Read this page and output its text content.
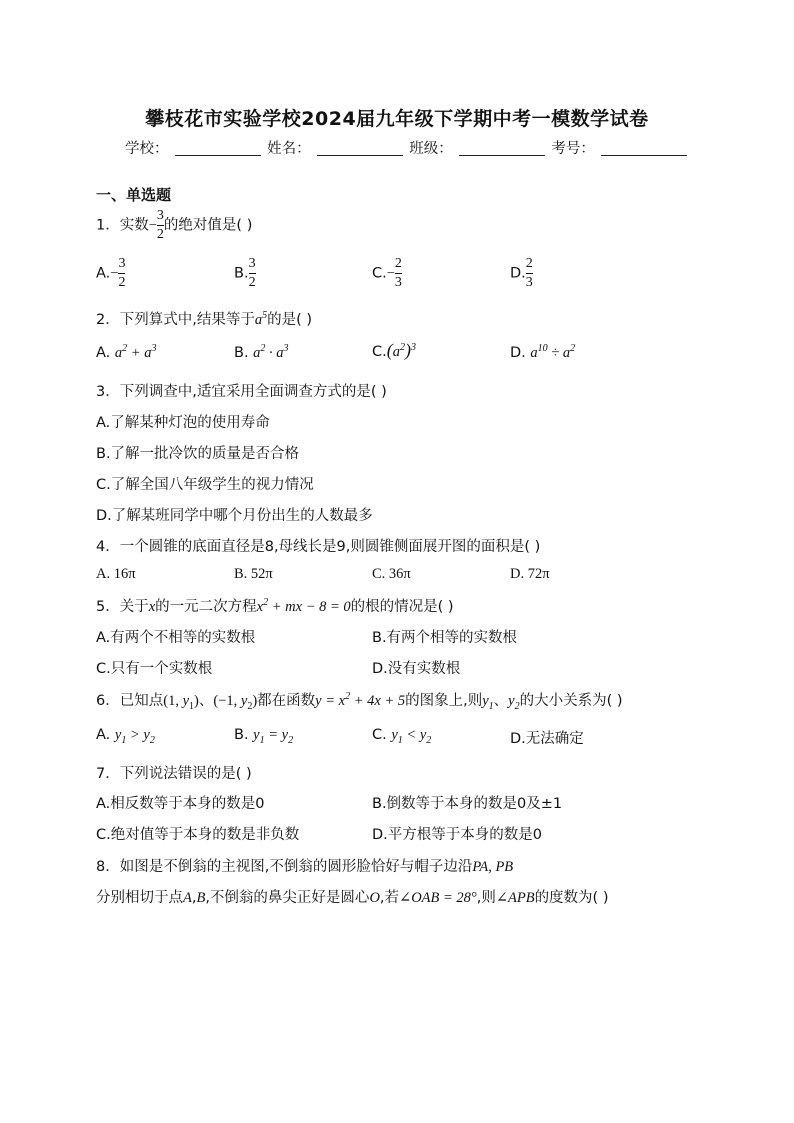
攀枝花市实验学校2024届九年级下学期中考一模数学试卷
学校：	姓名：	班级：	考号：
一、单选题
1．实数− $\frac{3}{2}$ 的绝对值是( )
$A.- \frac{3}{2}$	B. $\frac{3}{2}$	$C.- \frac{2}{3}$	D. $\frac{2}{3}$
2．下列算式中,结果等于$a^5$的是( )
A. $a^2 + a^3$	B. $a^2 \cdot a^3$	$C.(a^2)^3$	D. $a^{10} \div a^2$
3．下列调查中,适宜采用全面调查方式的是( )
A.了解某种灯泡的使用寿命
B.了解一批冷饮的质量是否合格
C.了解全国八年级学生的视力情况
D.了解某班同学中哪个月份出生的人数最多
4．一个圆锥的底面直径是8,母线长是9,则圆锥侧面展开图的面积是( )
A. 16π	B. 52π	C. 36π	D. 72π
5．关于x的一元二次方程$x^2$ + mx − 8 = 0的根的情况是( )
A.有两个不相等的实数根	B.有两个相等的实数根
C.只有一个实数根	D.没有实数根
6．已知点(1, $y_1$)、(−1, $y_2$)都在函数$y = x^2 + 4x + 5$的图象上,则$y_1$、$y_2$的大小关系为( )
A. $y_1 > y_2$	B. $y_1 = y_2$	C. $y_1 < y_2$	D.无法确定
7．下列说法错误的是( )
A.相反数等于本身的数是0	B.倒数等于本身的数是0及±1
C.绝对值等于本身的数是非负数	D.平方根等于本身的数是0
8．如图是不倒翁的主视图,不倒翁的圆形脸恰好与帽子边沿PA, PB
分别相切于点A,B,不倒翁的鼻尖正好是圆心O,若∠OAB = 28°,则∠APB的度数为( )
